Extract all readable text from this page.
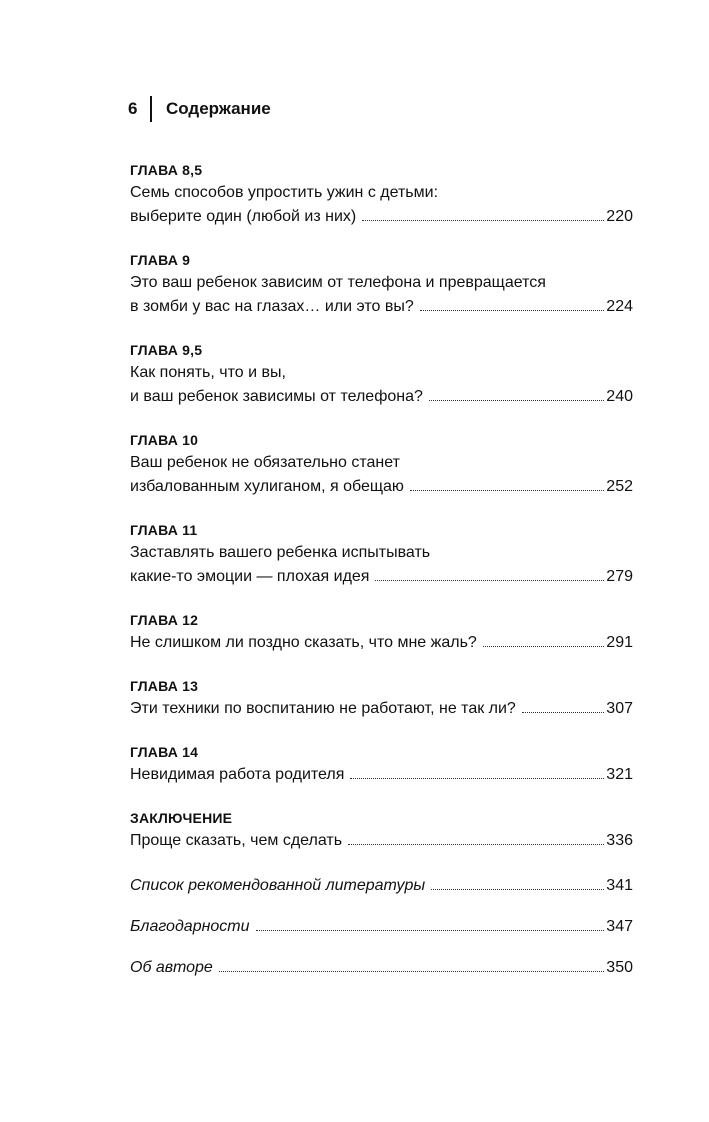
6	Содержание
ГЛАВА 8,5
Семь способов упростить ужин с детьми:
выберите один (любой из них)	220
ГЛАВА 9
Это ваш ребенок зависим от телефона и превращается
в зомби у вас на глазах… или это вы?	224
ГЛАВА 9,5
Как понять, что и вы,
и ваш ребенок зависимы от телефона?	240
ГЛАВА 10
Ваш ребенок не обязательно станет
избалованным хулиганом, я обещаю	252
ГЛАВА 11
Заставлять вашего ребенка испытывать
какие-то эмоции — плохая идея	279
ГЛАВА 12
Не слишком ли поздно сказать, что мне жаль?	291
ГЛАВА 13
Эти техники по воспитанию не работают, не так ли?	307
ГЛАВА 14
Невидимая работа родителя	321
ЗАКЛЮЧЕНИЕ
Проще сказать, чем сделать	336
Список рекомендованной литературы	341
Благодарности	347
Об авторе	350
